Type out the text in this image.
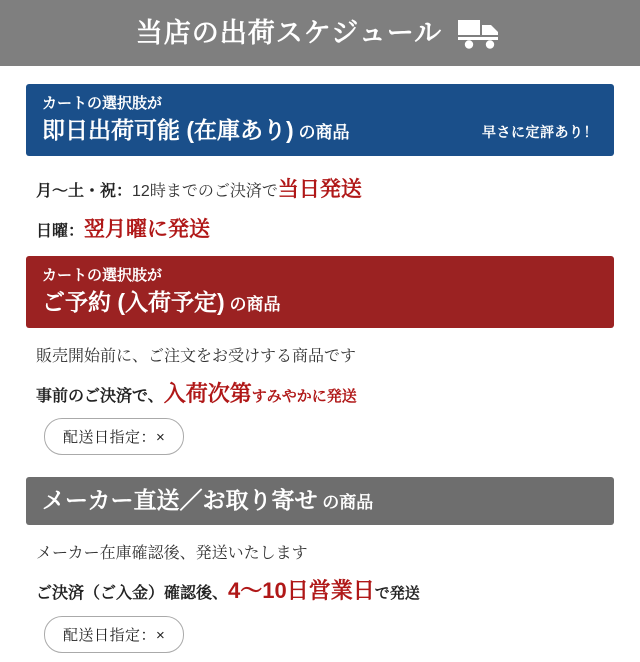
当店の出荷スケジュール
カートの選択肢が
即日出荷可能 (在庫あり) の商品	早さに定評あり！
月～土・祝：12時までのご決済で当日発送
日曜：翌月曜に発送
カートの選択肢が
ご予約 (入荷予定) の商品
販売開始前に、ご注文をお受けする商品です
事前のご決済で、入荷次第すみやかに発送
配送日指定：×
メーカー直送／お取り寄せ の商品
メーカー在庫確認後、発送いたします
ご決済（ご入金）確認後、4～10日営業日で発送
配送日指定：×
